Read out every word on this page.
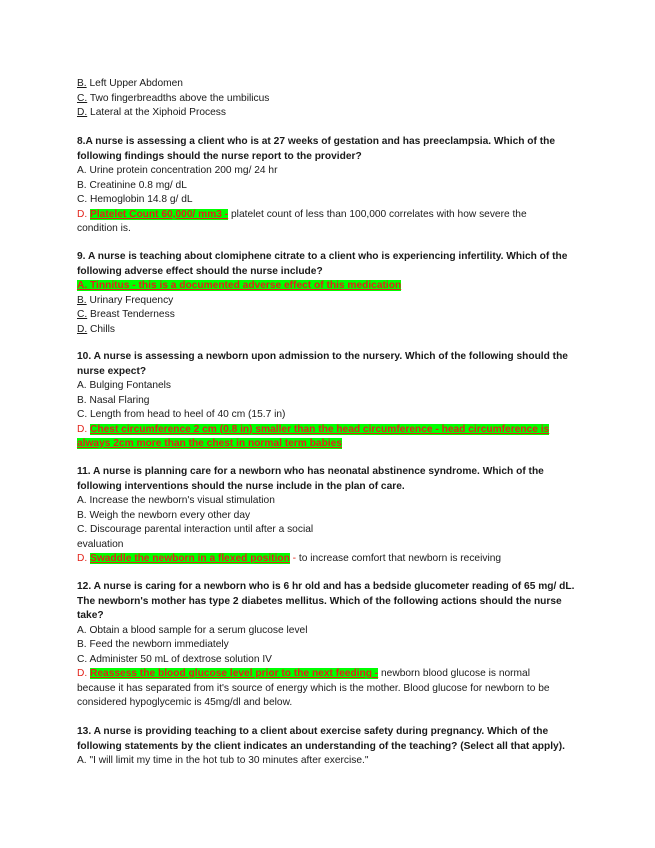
B. Left Upper Abdomen
C. Two fingerbreadths above the umbilicus
D. Lateral at the Xiphoid Process
8.A nurse is assessing a client who is at 27 weeks of gestation and has preeclampsia. Which of the
following findings should the nurse report to the provider?
A. Urine protein concentration 200 mg/ 24 hr
B. Creatinine 0.8 mg/ dL
C. Hemoglobin 14.8 g/ dL
D. Platelet Count 60,000/ mm3 - platelet count of less than 100,000 correlates with how severe the
condition is.
9. A nurse is teaching about clomiphene citrate to a client who is experiencing infertility. Which of the
following adverse effect should the nurse include?
A. Tinnitus - this is a documented adverse effect of this medication
B. Urinary Frequency
C. Breast Tenderness
D. Chills
10. A nurse is assessing a newborn upon admission to the nursery. Which of the following should the
nurse expect?
A. Bulging Fontanels
B. Nasal Flaring
C. Length from head to heel of 40 cm (15.7 in)
D. Chest circumference 2 cm (0.8 in) smaller than the head circumference - head circumference is
always 2cm more than the chest in normal term babies
11. A nurse is planning care for a newborn who has neonatal abstinence syndrome. Which of the
following interventions should the nurse include in the plan of care.
A. Increase the newborn's visual stimulation
B. Weigh the newborn every other day
C. Discourage parental interaction until after a social
evaluation
D. Swaddle the newborn in a flexed position - to increase comfort that newborn is receiving
12. A nurse is caring for a newborn who is 6 hr old and has a bedside glucometer reading of 65 mg/ dL.
The newborn's mother has type 2 diabetes mellitus. Which of the following actions should the nurse
take?
A. Obtain a blood sample for a serum glucose level
B. Feed the newborn immediately
C. Administer 50 mL of dextrose solution IV
D. Reassess the blood glucose level prior to the next feeding - newborn blood glucose is normal
because it has separated from it's source of energy which is the mother. Blood glucose for newborn to be
considered hypoglycemic is 45mg/dl and below.
13. A nurse is providing teaching to a client about exercise safety during pregnancy. Which of the
following statements by the client indicates an understanding of the teaching? (Select all that apply).
A. "I will limit my time in the hot tub to 30 minutes after exercise."
